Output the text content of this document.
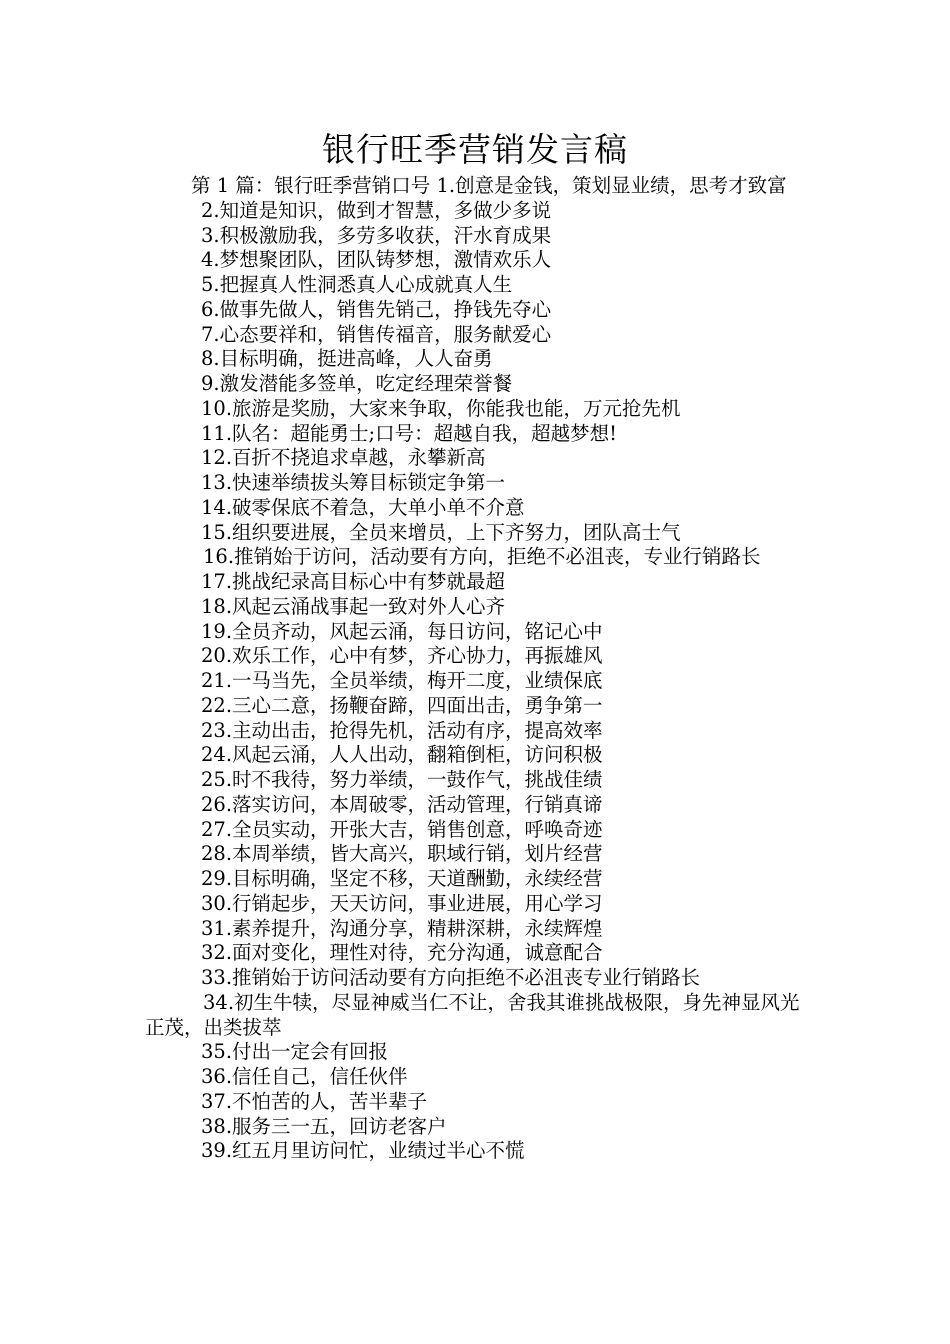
银行旺季营销发言稿

第 1 篇：银行旺季营销口号 1.创意是金钱，策划显业绩，思考才致富

2.知道是知识，做到才智慧，多做少多说

3.积极激励我，多劳多收获，汗水育成果

4.梦想聚团队，团队铸梦想，激情欢乐人

5.把握真人性洞悉真人心成就真人生

6.做事先做人，销售先销己，挣钱先夺心

7.心态要祥和，销售传福音，服务献爱心

8.目标明确，挺进高峰，人人奋勇

9.激发潜能多签单，吃定经理荣誉餐

10.旅游是奖励，大家来争取，你能我也能，万元抢先机

11.队名：超能勇士;口号：超越自我，超越梦想!

12.百折不挠追求卓越，永攀新高

13.快速举绩拔头筹目标锁定争第一

14.破零保底不着急，大单小单不介意

15.组织要进展，全员来增员，上下齐努力，团队高士气

16.推销始于访问，活动要有方向，拒绝不必沮丧，专业行销路长

17.挑战纪录高目标心中有梦就最超

18.风起云涌战事起一致对外人心齐

19.全员齐动，风起云涌，每日访问，铭记心中

20.欢乐工作，心中有梦，齐心协力，再振雄风

21.一马当先，全员举绩，梅开二度，业绩保底

22.三心二意，扬鞭奋蹄，四面出击，勇争第一

23.主动出击，抢得先机，活动有序，提高效率

24.风起云涌，人人出动，翻箱倒柜，访问积极

25.时不我待，努力举绩，一鼓作气，挑战佳绩

26.落实访问，本周破零，活动管理，行销真谛

27.全员实动，开张大吉，销售创意，呼唤奇迹

28.本周举绩，皆大高兴，职域行销，划片经营

29.目标明确，坚定不移，天道酬勤，永续经营

30.行销起步，天天访问，事业进展，用心学习

31.素养提升，沟通分享，精耕深耕，永续辉煌

32.面对变化，理性对待，充分沟通，诚意配合

33.推销始于访问活动要有方向拒绝不必沮丧专业行销路长

34.初生牛犊，尽显神威当仁不让，舍我其谁挑战极限，身先神显风光正茂，出类拔萃

35.付出一定会有回报

36.信任自己，信任伙伴

37.不怕苦的人，苦半辈子

38.服务三一五，回访老客户

39.红五月里访问忙，业绩过半心不慌
